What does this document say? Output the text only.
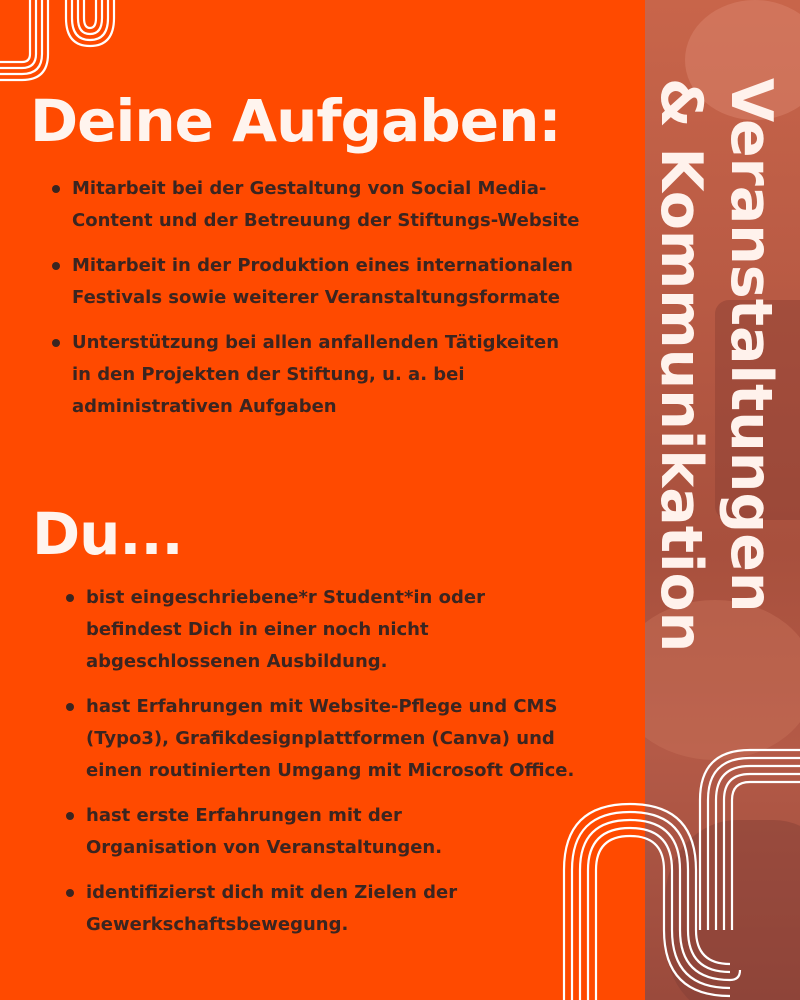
Veranstaltungen
& Kommunikation
Deine Aufgaben:
Mitarbeit bei der Gestaltung von Social Media-
Content und der Betreuung der Stiftungs-Website
Mitarbeit in der Produktion eines internationalen
Festivals sowie weiterer Veranstaltungsformate
Unterstützung bei allen anfallenden Tätigkeiten
in den Projekten der Stiftung, u. a. bei
administrativen Aufgaben
Du...
bist eingeschriebene*r Student*in oder
befindest Dich in einer noch nicht
abgeschlossenen Ausbildung.
hast Erfahrungen mit Website-Pflege und CMS
(Typo3), Grafikdesignplattformen (Canva) und
einen routinierten Umgang mit Microsoft Office.
hast erste Erfahrungen mit der
Organisation von Veranstaltungen.
identifizierst dich mit den Zielen der
Gewerkschaftsbewegung.
